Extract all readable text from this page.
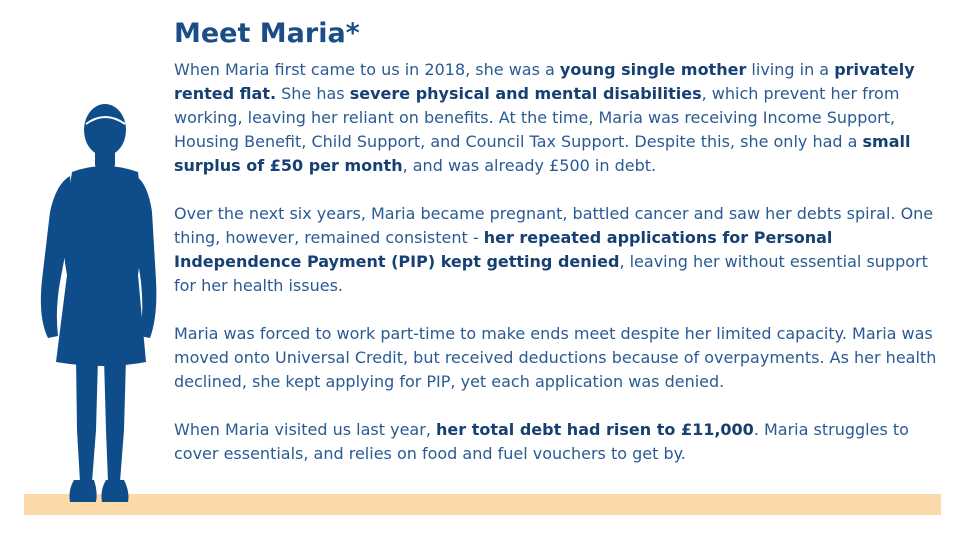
Meet Maria*

When Maria first came to us in 2018, she was a young single mother living in a privately rented flat. She has severe physical and mental disabilities, which prevent her from working, leaving her reliant on benefits. At the time, Maria was receiving Income Support, Housing Benefit, Child Support, and Council Tax Support. Despite this, she only had a small surplus of £50 per month, and was already £500 in debt.

Over the next six years, Maria became pregnant, battled cancer and saw her debts spiral. One thing, however, remained consistent - her repeated applications for Personal Independence Payment (PIP) kept getting denied, leaving her without essential support for her health issues.

Maria was forced to work part-time to make ends meet despite her limited capacity. Maria was moved onto Universal Credit, but received deductions because of overpayments. As her health declined, she kept applying for PIP, yet each application was denied.

When Maria visited us last year, her total debt had risen to £11,000. Maria struggles to cover essentials, and relies on food and fuel vouchers to get by.
